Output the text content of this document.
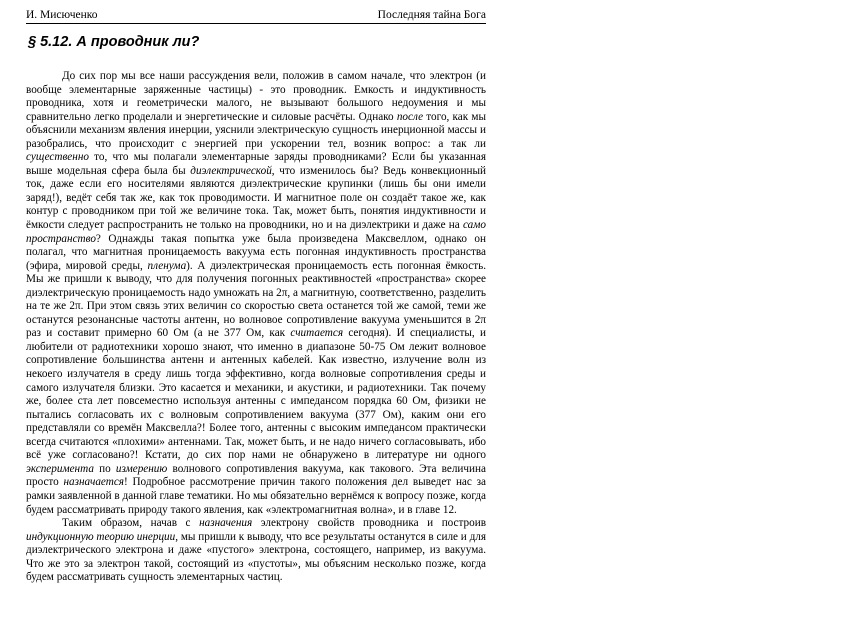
И. Мисюченко	Последняя тайна Бога
§ 5.12. А проводник ли?

До сих пор мы все наши рассуждения вели, положив в самом начале, что электрон (и вообще элементарные заряженные частицы) - это проводник. Емкость и индуктивность проводника, хотя и геометрически малого, не вызывают большого недоумения и мы сравнительно легко проделали и энергетические и силовые расчёты. Однако после того, как мы объяснили механизм явления инерции, уяснили электрическую сущность инерционной массы и разобрались, что происходит с энергией при ускорении тел, возник вопрос: а так ли существенно то, что мы полагали элементарные заряды проводниками? Если бы указанная выше модельная сфера была бы диэлектрической, что изменилось бы? Ведь конвекционный ток, даже если его носителями являются диэлектрические крупинки (лишь бы они имели заряд!), ведёт себя так же, как ток проводимости. И магнитное поле он создаёт такое же, как контур с проводником при той же величине тока. Так, может быть, понятия индуктивности и ёмкости следует распространить не только на проводники, но и на диэлектрики и даже на само пространство? Однажды такая попытка уже была произведена Максвеллом, однако он полагал, что магнитная проницаемость вакуума есть погонная индуктивность пространства (эфира, мировой среды, пленума). А диэлектрическая проницаемость есть погонная ёмкость. Мы же пришли к выводу, что для получения погонных реактивностей «пространства» скорее диэлектрическую проницаемость надо умножать на 2π, а магнитную, соответственно, разделить на те же 2π. При этом связь этих величин со скоростью света останется той же самой, теми же останутся резонансные частоты антенн, но волновое сопротивление вакуума уменьшится в 2π раз и составит примерно 60 Ом (а не 377 Ом, как считается сегодня). И специалисты, и любители от радиотехники хорошо знают, что именно в диапазоне 50-75 Ом лежит волновое сопротивление большинства антенн и антенных кабелей. Как известно, излучение волн из некоего излучателя в среду лишь тогда эффективно, когда волновые сопротивления среды и самого излучателя близки. Это касается и механики, и акустики, и радиотехники. Так почему же, более ста лет повсеместно используя антенны с импедансом порядка 60 Ом, физики не пытались согласовать их с волновым сопротивлением вакуума (377 Ом), каким они его представляли со времён Максвелла?! Более того, антенны с высоким импедансом практически всегда считаются «плохими» антеннами. Так, может быть, и не надо ничего согласовывать, ибо всё уже согласовано?! Кстати, до сих пор нами не обнаружено в литературе ни одного эксперимента по измерению волнового сопротивления вакуума, как такового. Эта величина просто назначается! Подробное рассмотрение причин такого положения дел выведет нас за рамки заявленной в данной главе тематики. Но мы обязательно вернёмся к вопросу позже, когда будем рассматривать природу такого явления, как «электромагнитная волна», и в главе 12.

Таким образом, начав с назначения электрону свойств проводника и построив индукционную теорию инерции, мы пришли к выводу, что все результаты останутся в силе и для диэлектрического электрона и даже «пустого» электрона, состоящего, например, из вакуума. Что же это за электрон такой, состоящий из «пустоты», мы объясним несколько позже, когда будем рассматривать сущность элементарных частиц.
